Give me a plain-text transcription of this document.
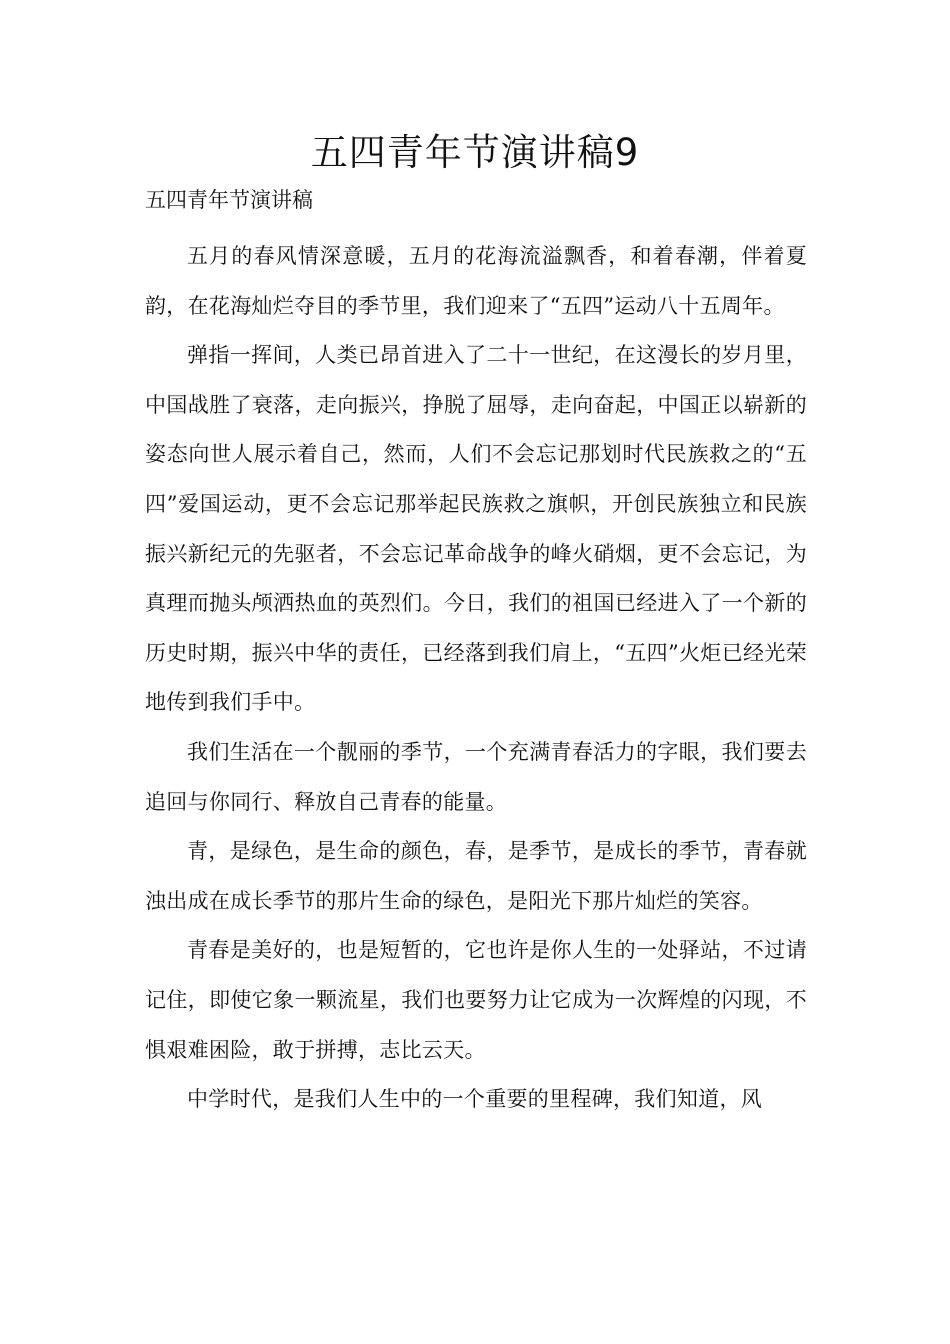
五四青年节演讲稿9

五四青年节演讲稿

五月的春风情深意暖，五月的花海流溢飘香，和着春潮，伴着夏韵，在花海灿烂夺目的季节里，我们迎来了“五四”运动八十五周年。

弹指一挥间，人类已昂首进入了二十一世纪，在这漫长的岁月里，中国战胜了衰落，走向振兴，挣脱了屈辱，走向奋起，中国正以崭新的姿态向世人展示着自己，然而，人们不会忘记那划时代民族救之的“五四”爱国运动，更不会忘记那举起民族救之旗帜，开创民族独立和民族振兴新纪元的先驱者，不会忘记革命战争的峰火硝烟，更不会忘记，为真理而抛头颅洒热血的英烈们。今日，我们的祖国已经进入了一个新的历史时期，振兴中华的责任，已经落到我们肩上，“五四”火炬已经光荣地传到我们手中。

我们生活在一个靓丽的季节，一个充满青春活力的字眼，我们要去追回与你同行、释放自己青春的能量。

青，是绿色，是生命的颜色，春，是季节，是成长的季节，青春就浊出成在成长季节的那片生命的绿色，是阳光下那片灿烂的笑容。

青春是美好的，也是短暂的，它也许是你人生的一处驿站，不过请记住，即使它象一颗流星，我们也要努力让它成为一次辉煌的闪现，不惧艰难困险，敢于拼搏，志比云天。

中学时代，是我们人生中的一个重要的里程碑，我们知道，风
